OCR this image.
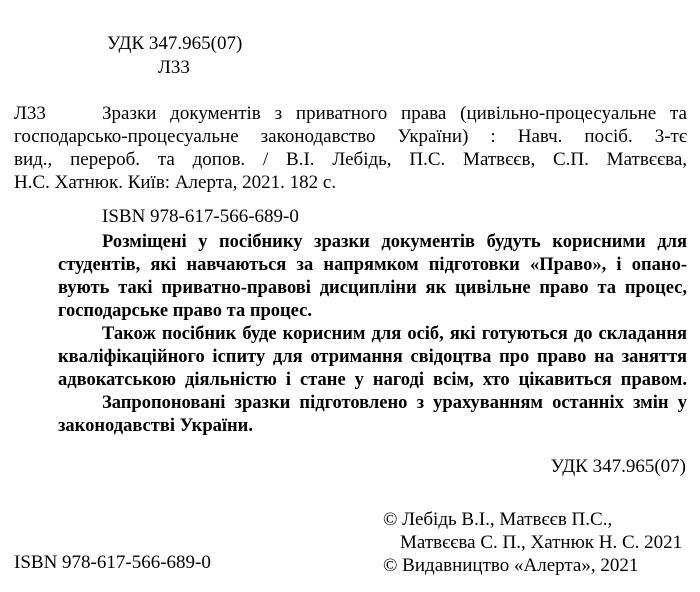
УДК 347.965(07)
Л33
Л33	Зразки документів з приватного права (цивільно-процесуальне та
господарсько-процесуальне законодавство України) : Навч. посіб. 3-тє
вид., перероб. та допов. / В.І. Лебідь, П.С. Матвєєв, С.П. Матвєєва,
Н.С. Хатнюк. Київ: Алерта, 2021. 182 с.
ISBN 978-617-566-689-0
Розміщені у посібнику зразки документів будуть корисними для
студентів, які навчаються за напрямком підготовки «Право», і опано-
вують такі приватно-правові дисципліни як цивільне право та процес,
господарське право та процес.
Також посібник буде корисним для осіб, які готуються до складання
кваліфікаційного іспиту для отримання свідоцтва про право на заняття
адвокатською діяльністю і стане у нагоді всім, хто цікавиться правом.
Запропоновані зразки підготовлено з урахуванням останніх змін у
законодавстві України.
УДК 347.965(07)
ISBN 978-617-566-689-0
© Лебідь В.І., Матвєєв П.С.,
Матвєєва С. П., Хатнюк Н. С. 2021
© Видавництво «Алерта», 2021
